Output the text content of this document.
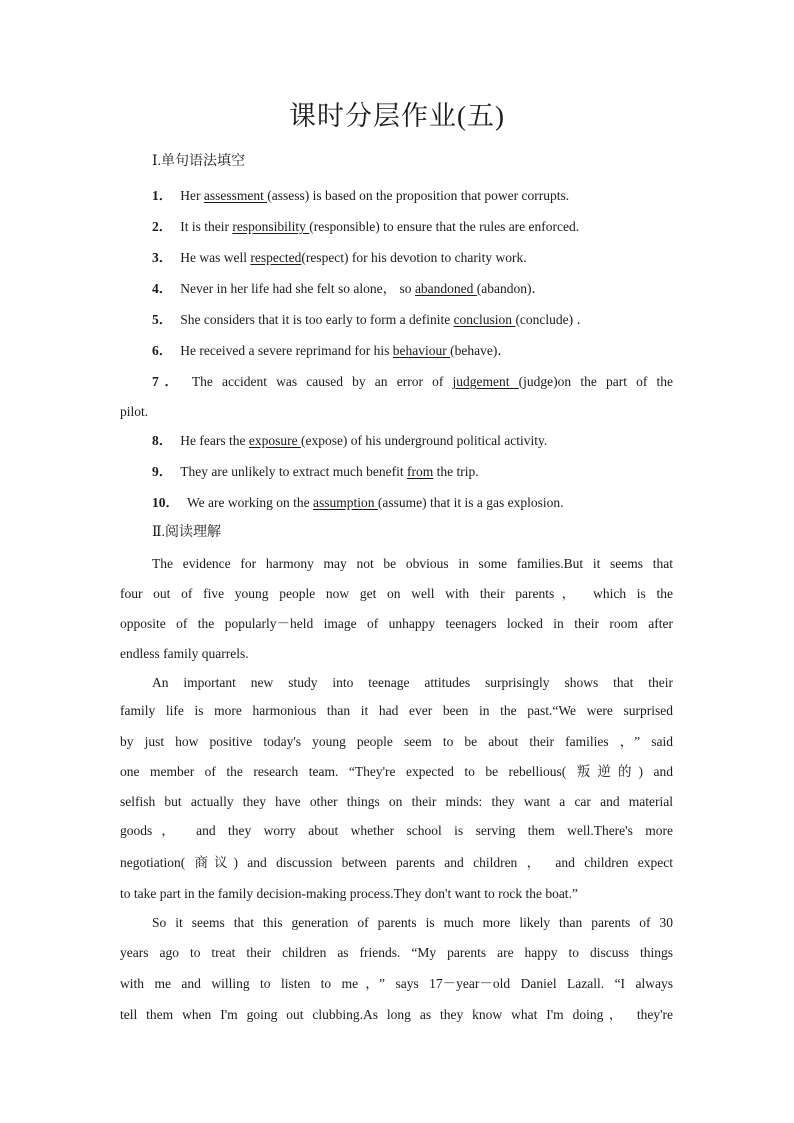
课时分层作业(五)
Ⅰ.单句语法填空
1． Her assessment (assess) is based on the proposition that power corrupts.
2． It is their responsibility (responsible) to ensure that the rules are enforced.
3． He was well respected(respect) for his devotion to charity work.
4． Never in her life had she felt so alone， so abandoned (abandon)．
5． She considers that it is too early to form a definite conclusion (conclude) ．
6． He received a severe reprimand for his behaviour (behave)．
7． The accident was caused by an error of judgement (judge)on the part of the
pilot.
8． He fears the exposure (expose) of his underground political activity.
9． They are unlikely to extract much benefit from the trip.
10． We are working on the assumption (assume) that it is a gas explosion.
Ⅱ.阅读理解
The evidence for harmony may not be obvious in some families.But it seems that
four out of five young people now get on well with their parents， which is the
opposite of the popularly－held image of unhappy teenagers locked in their room after
endless family quarrels.
An important new study into teenage attitudes surprisingly shows that their
family life is more harmonious than it had ever been in the past.“We were surprised
by just how positive today's young people seem to be about their families ，” said
one member of the research team. “They're expected to be rebellious( 叛逆的) and
selfish but actually they have other things on their minds: they want a car and material
goods， and they worry about whether school is serving them well.There's more
negotiation( 商议) and discussion between parents and children ， and children expect
to take part in the family decision-making process.They don't want to rock the boat.”
So it seems that this generation of parents is much more likely than parents of 30
years ago to treat their children as friends. “My parents are happy to discuss things
with me and willing to listen to me，” says 17－year－old Daniel Lazall. “I always
tell them when I'm going out clubbing.As long as they know what I'm doing， they're
